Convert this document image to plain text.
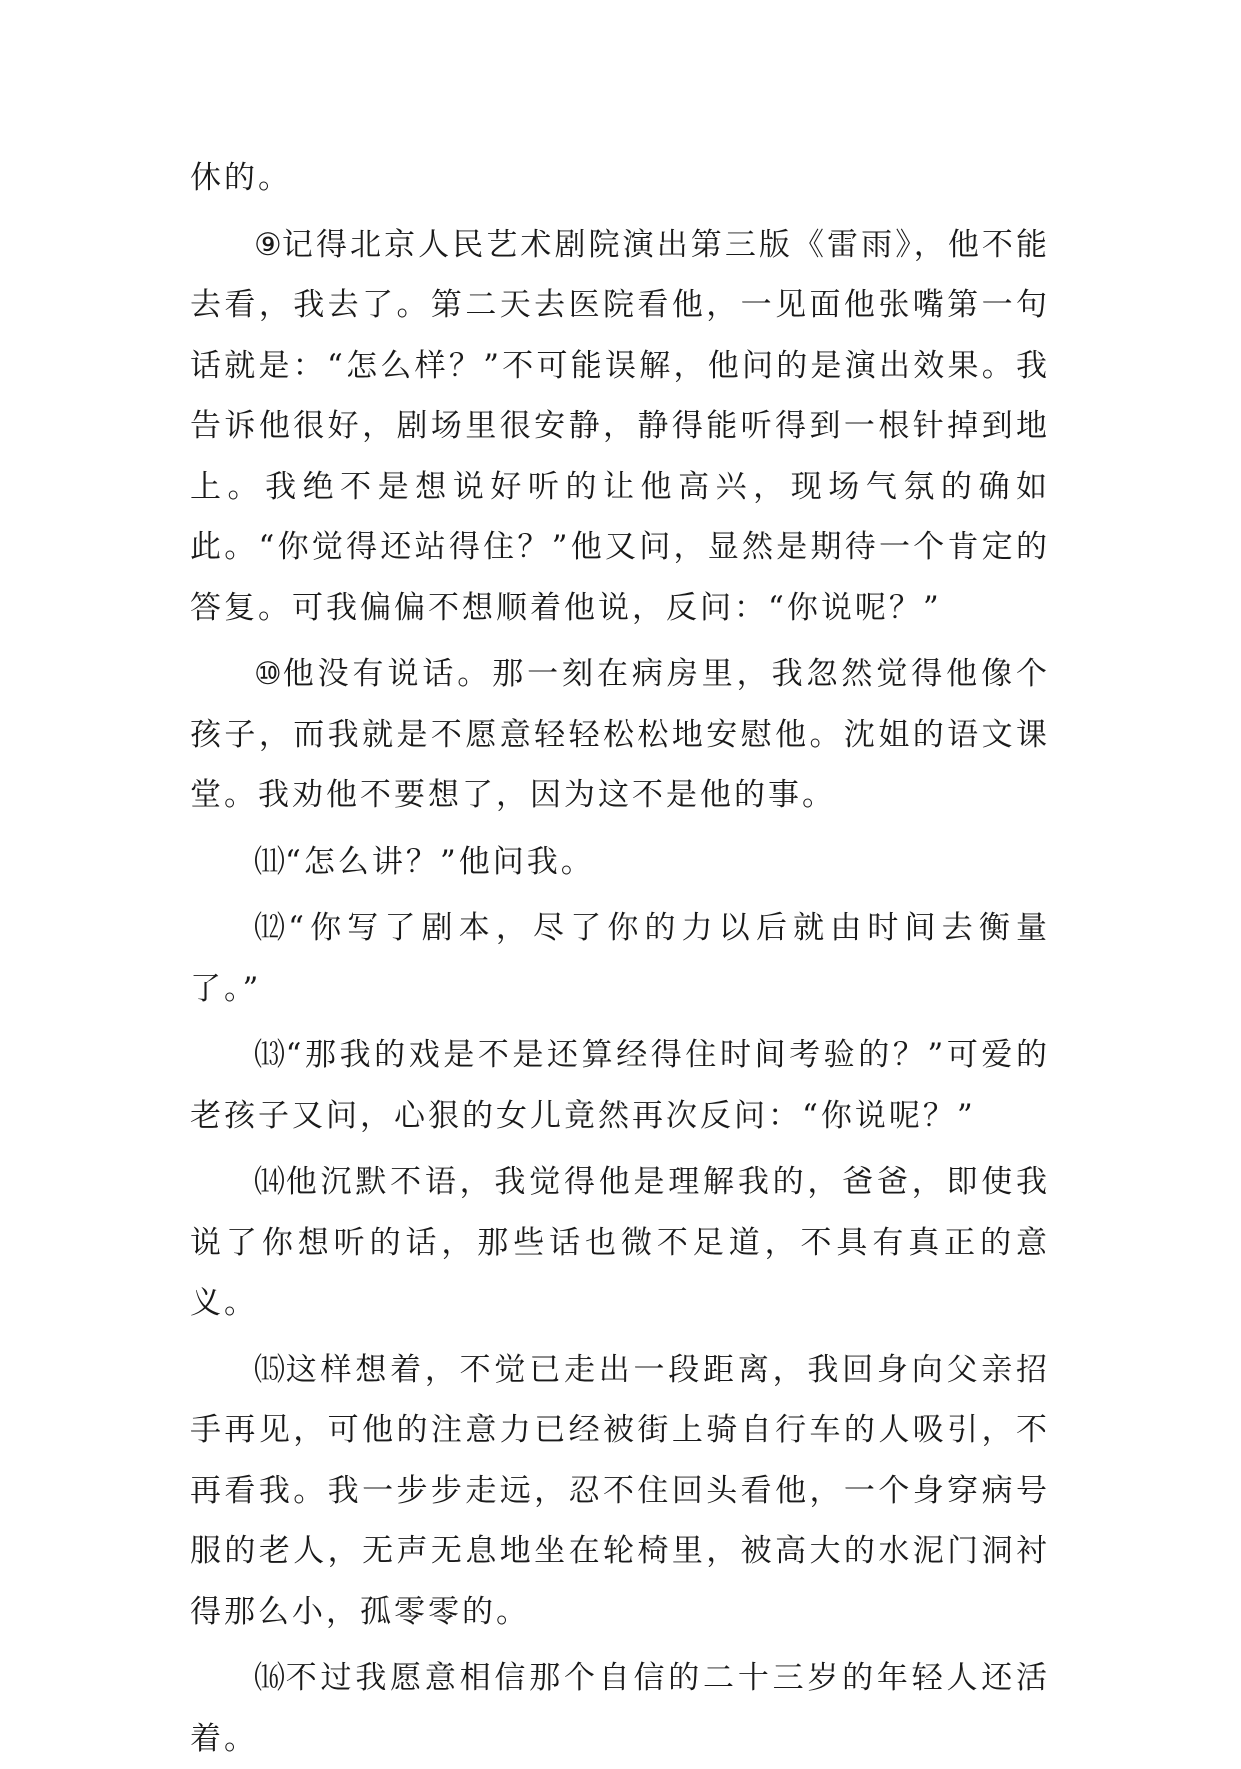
休的。

⑨记得北京人民艺术剧院演出第三版《雷雨》，他不能去看，我去了。第二天去医院看他，一见面他张嘴第一句话就是：“怎么样？”不可能误解，他问的是演出效果。我告诉他很好，剧场里很安静，静得能听得到一根针掉到地上。我绝不是想说好听的让他高兴，现场气氛的确如此。“你觉得还站得住？”他又问，显然是期待一个肯定的答复。可我偏偏不想顺着他说，反问：“你说呢？”

⑩他没有说话。那一刻在病房里，我忽然觉得他像个孩子，而我就是不愿意轻轻松松地安慰他。沈姐的语文课堂。我劝他不要想了，因为这不是他的事。

⑾“怎么讲？”他问我。

⑿“你写了剧本，尽了你的力以后就由时间去衡量了。”

⒀“那我的戏是不是还算经得住时间考验的？”可爱的老孩子又问，心狠的女儿竟然再次反问：“你说呢？”

⒁他沉默不语，我觉得他是理解我的，爸爸，即使我说了你想听的话，那些话也微不足道，不具有真正的意义。

⒂这样想着，不觉已走出一段距离，我回身向父亲招手再见，可他的注意力已经被街上骑自行车的人吸引，不再看我。我一步步走远，忍不住回头看他，一个身穿病号服的老人，无声无息地坐在轮椅里，被高大的水泥门洞衬得那么小，孤零零的。

⒃不过我愿意相信那个自信的二十三岁的年轻人还活着。
